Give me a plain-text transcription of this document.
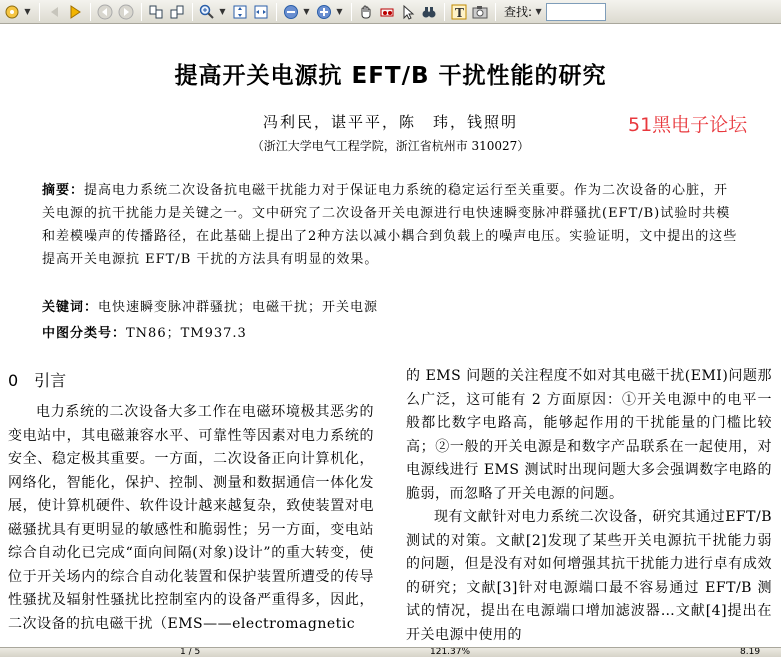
▼	▼	▼	▼	T	查找: ▼
提高开关电源抗 EFT/B 干扰性能的研究
冯利民，谌平平，陈　玮，钱照明	51黑电子论坛
（浙江大学电气工程学院，浙江省杭州市 310027）
摘要：提高电力系统二次设备抗电磁干扰能力对于保证电力系统的稳定运行至关重要。作为二次设备的心脏，开关电源的抗干扰能力是关键之一。文中研究了二次设备开关电源进行电快速瞬变脉冲群骚扰(EFT/B)试验时共模和差模噪声的传播路径，在此基础上提出了2种方法以减小耦合到负载上的噪声电压。实验证明，文中提出的这些提高开关电源抗 EFT/B 干扰的方法具有明显的效果。
关键词：电快速瞬变脉冲群骚扰；电磁干扰；开关电源
中图分类号：TN86；TM937.3
0　引言

电力系统的二次设备大多工作在电磁环境极其恶劣的变电站中，其电磁兼容水平、可靠性等因素对电力系统的安全、稳定极其重要。一方面，二次设备正向计算机化，网络化，智能化，保护、控制、测量和数据通信一体化发展，使计算机硬件、软件设计越来越复杂，致使装置对电磁骚扰具有更明显的敏感性和脆弱性；另一方面，变电站综合自动化已完成“面向间隔(对象)设计”的重大转变，使位于开关场内的综合自动化装置和保护装置所遭受的传导性骚扰及辐射性骚扰比控制室内的设备严重得多，因此，二次设备的抗电磁干扰（EMS——electromagnetic

的 EMS 问题的关注程度不如对其电磁干扰(EMI)问题那么广泛，这可能有 2 方面原因：①开关电源中的电平一般都比数字电路高，能够起作用的干扰能量的门槛比较高；②一般的开关电源是和数字产品联系在一起使用，对电源线进行 EMS 测试时出现问题大多会强调数字电路的脆弱，而忽略了开关电源的问题。

现有文献针对电力系统二次设备，研究其通过EFT/B 测试的对策。文献[2]发现了某些开关电源抗干扰能力弱的问题，但是没有对如何增强其抗干扰能力进行卓有成效的研究；文献[3]针对电源端口最不容易通过 EFT/B 测试的情况，提出在电源端口增加滤波器…文献[4]提出在开关电源中使用的

1 / 5	121.37%	8.19
